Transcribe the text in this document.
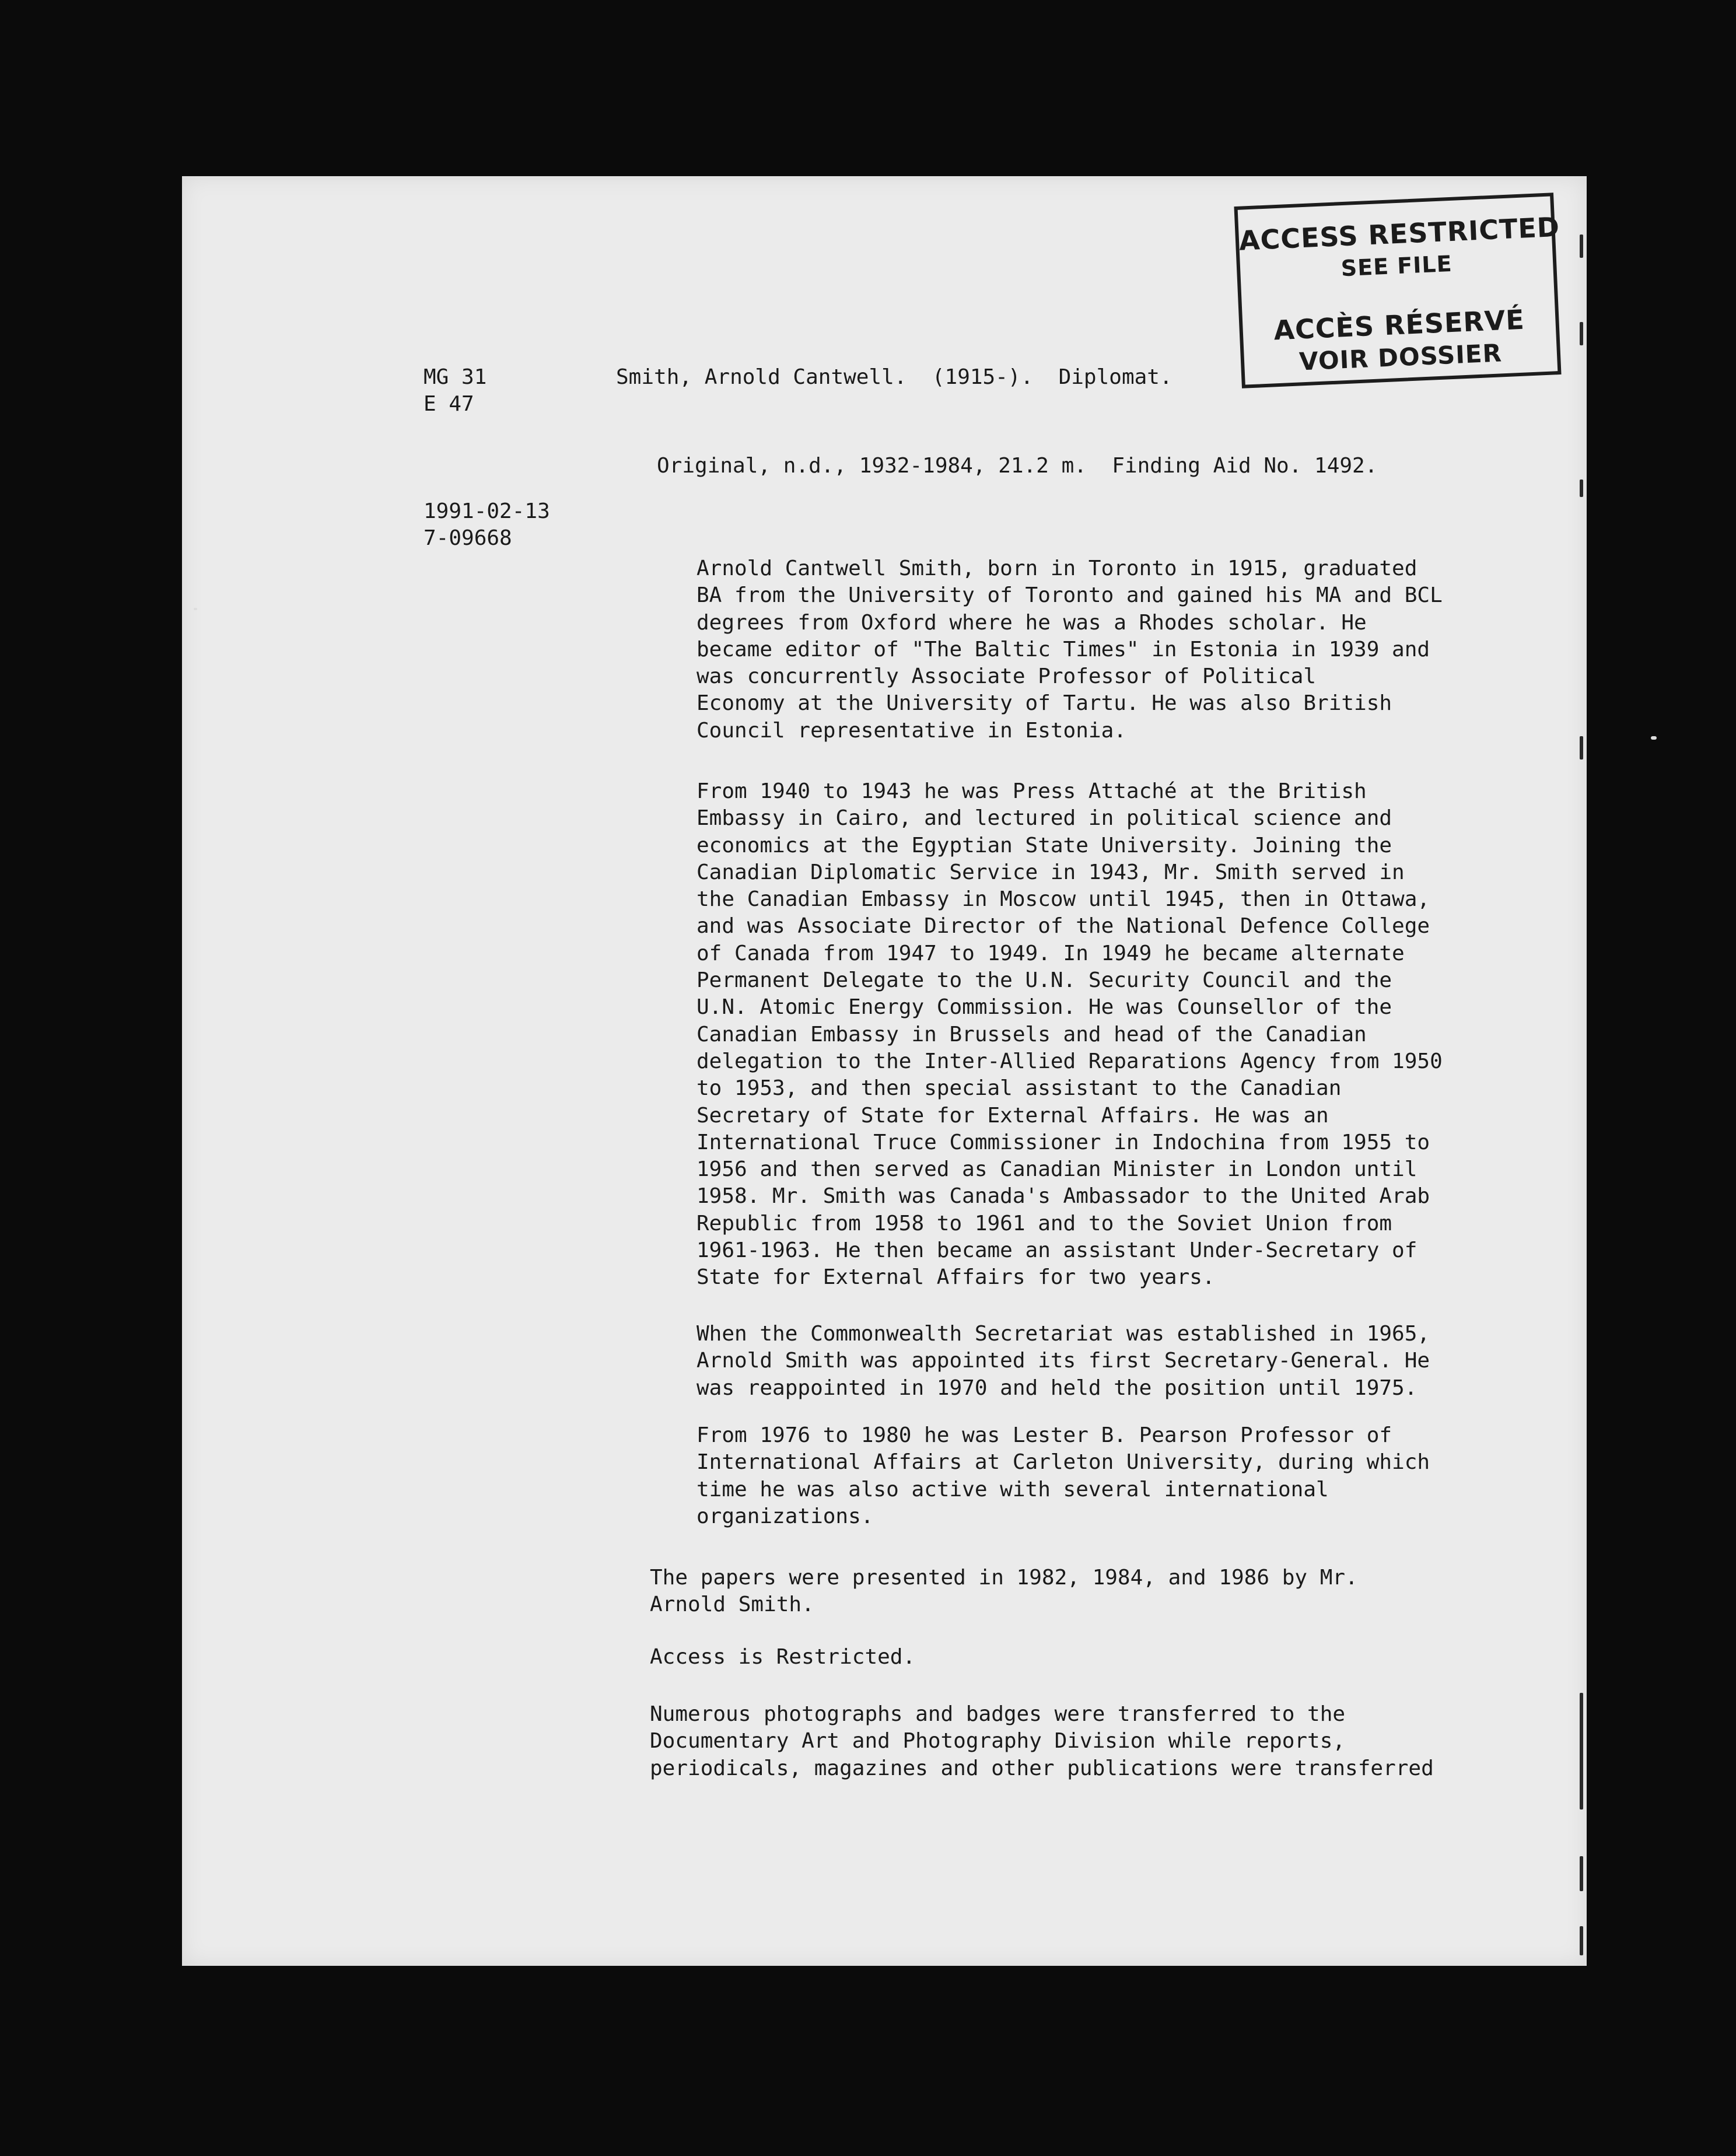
ACCESS RESTRICTED
SEE FILE
ACCÈS RÉSERVÉ
VOIR DOSSIER
MG 31
E 47
Smith, Arnold Cantwell.  (1915-).  Diplomat.
Original, n.d., 1932-1984, 21.2 m.  Finding Aid No. 1492.
1991-02-13
7-09668
Arnold Cantwell Smith, born in Toronto in 1915, graduated
BA from the University of Toronto and gained his MA and BCL
degrees from Oxford where he was a Rhodes scholar. He
became editor of "The Baltic Times" in Estonia in 1939 and
was concurrently Associate Professor of Political
Economy at the University of Tartu. He was also British
Council representative in Estonia.
From 1940 to 1943 he was Press Attaché at the British
Embassy in Cairo, and lectured in political science and
economics at the Egyptian State University. Joining the
Canadian Diplomatic Service in 1943, Mr. Smith served in
the Canadian Embassy in Moscow until 1945, then in Ottawa,
and was Associate Director of the National Defence College
of Canada from 1947 to 1949. In 1949 he became alternate
Permanent Delegate to the U.N. Security Council and the
U.N. Atomic Energy Commission. He was Counsellor of the
Canadian Embassy in Brussels and head of the Canadian
delegation to the Inter-Allied Reparations Agency from 1950
to 1953, and then special assistant to the Canadian
Secretary of State for External Affairs. He was an
International Truce Commissioner in Indochina from 1955 to
1956 and then served as Canadian Minister in London until
1958. Mr. Smith was Canada's Ambassador to the United Arab
Republic from 1958 to 1961 and to the Soviet Union from
1961-1963. He then became an assistant Under-Secretary of
State for External Affairs for two years.
When the Commonwealth Secretariat was established in 1965,
Arnold Smith was appointed its first Secretary-General. He
was reappointed in 1970 and held the position until 1975.
From 1976 to 1980 he was Lester B. Pearson Professor of
International Affairs at Carleton University, during which
time he was also active with several international
organizations.
The papers were presented in 1982, 1984, and 1986 by Mr.
Arnold Smith.
Access is Restricted.
Numerous photographs and badges were transferred to the
Documentary Art and Photography Division while reports,
periodicals, magazines and other publications were transferred
